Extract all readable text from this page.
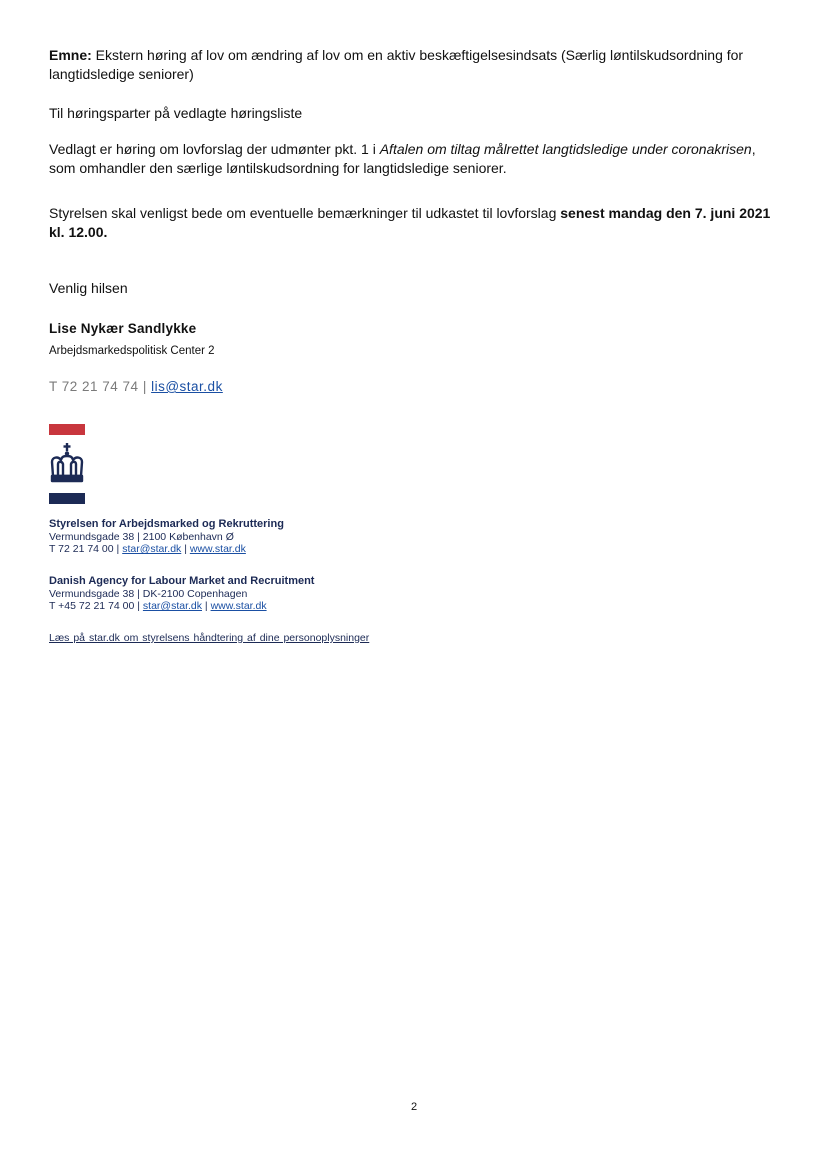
Emne: Ekstern høring af lov om ændring af lov om en aktiv beskæftigelsesindsats (Særlig løntilskudsordning for langtidsledige seniorer)
Til høringsparter på vedlagte høringsliste
Vedlagt er høring om lovforslag der udmønter pkt. 1 i Aftalen om tiltag målrettet langtidsledige under coronakrisen, som omhandler den særlige løntilskudsordning for langtidsledige seniorer.
Styrelsen skal venligst bede om eventuelle bemærkninger til udkastet til lovforslag senest mandag den 7. juni 2021 kl. 12.00.
Venlig hilsen
Lise Nykær Sandlykke
Arbejdsmarkedspolitisk Center 2
T 72 21 74 74 | lis@star.dk
Styrelsen for Arbejdsmarked og Rekruttering
Vermundsgade 38 | 2100 København Ø
T 72 21 74 00 | star@star.dk | www.star.dk
Danish Agency for Labour Market and Recruitment
Vermundsgade 38 | DK-2100 Copenhagen
T +45 72 21 74 00 | star@star.dk | www.star.dk
Læs på star.dk om styrelsens håndtering af dine personoplysninger
2
